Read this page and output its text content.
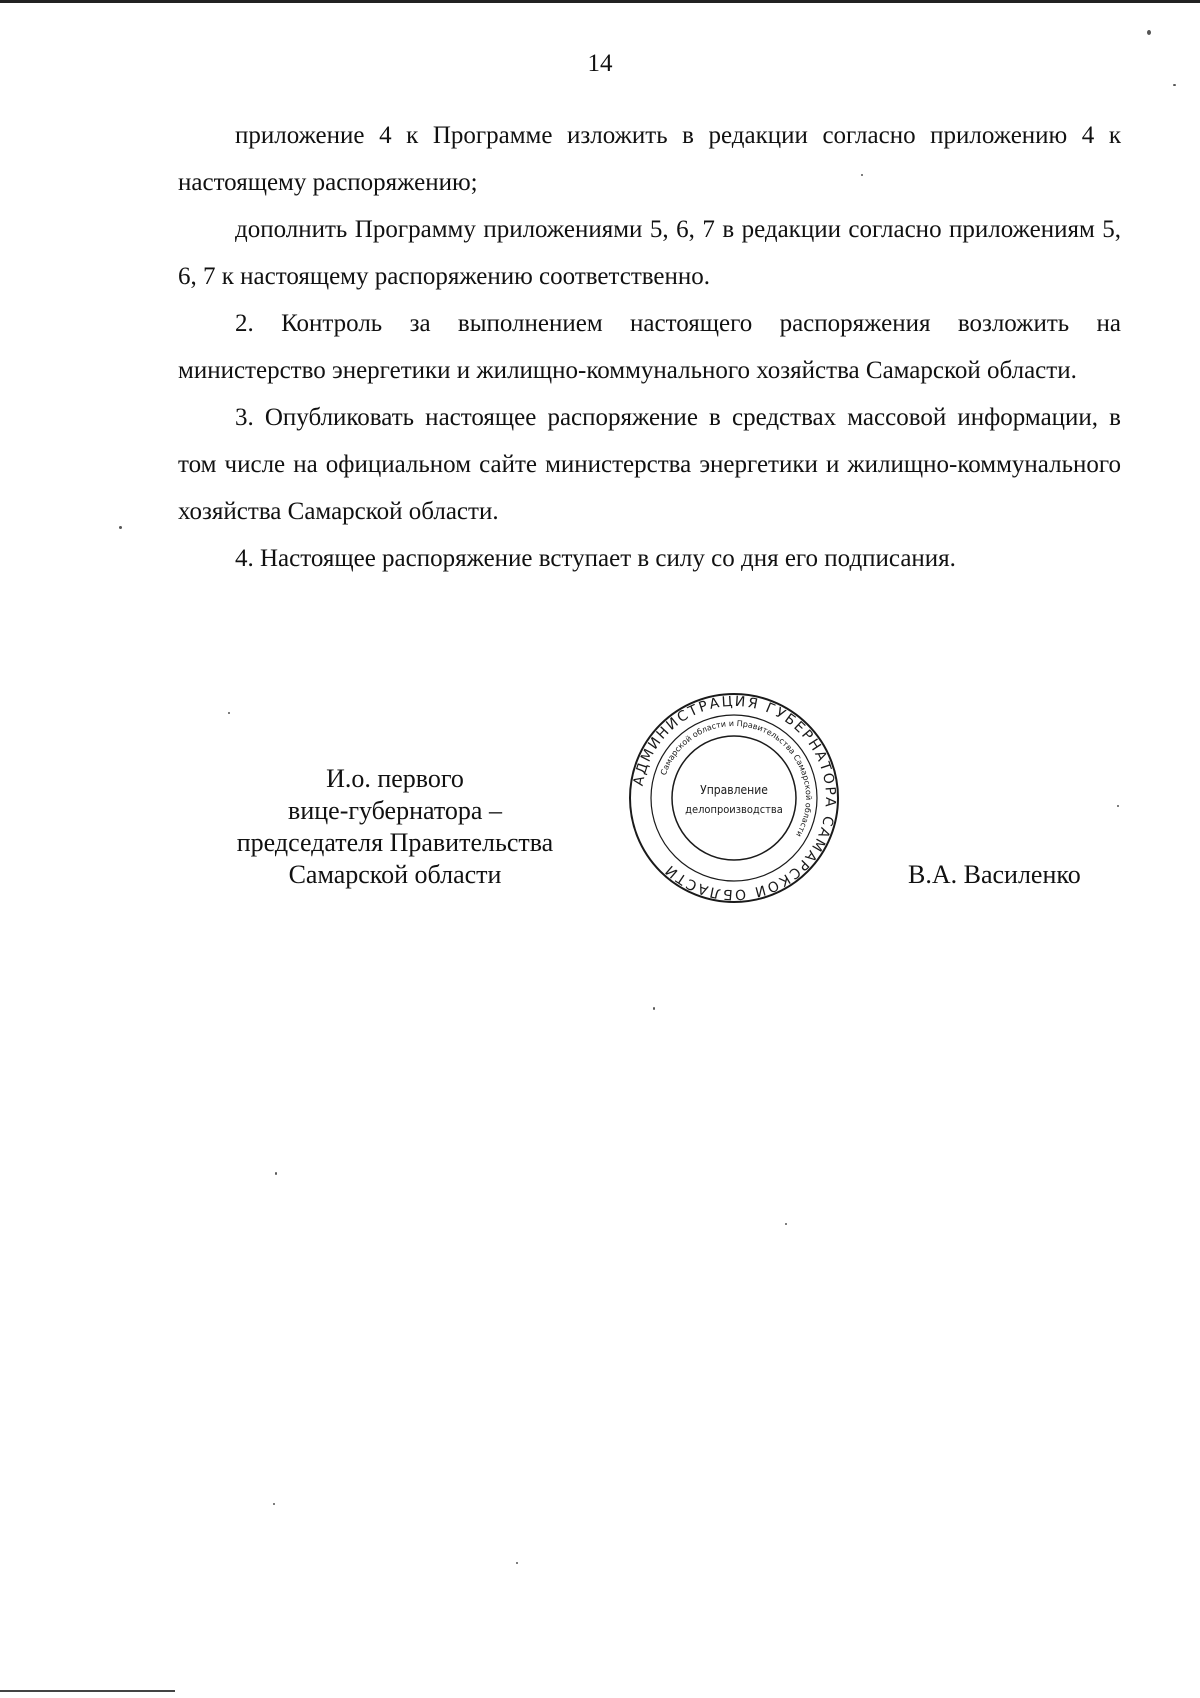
14

приложение 4 к Программе изложить в редакции согласно приложению 4 к настоящему распоряжению;

дополнить Программу приложениями 5, 6, 7 в редакции согласно приложениям 5, 6, 7 к настоящему распоряжению соответственно.

2. Контроль за выполнением настоящего распоряжения возложить на министерство энергетики и жилищно-коммунального хозяйства Самарской области.

3. Опубликовать настоящее распоряжение в средствах массовой информации, в том числе на официальном сайте министерства энергетики и жилищно-коммунального хозяйства Самарской области.

4. Настоящее распоряжение вступает в силу со дня его подписания.

И.о. первого
вице-губернатора –
председателя Правительства
Самарской области
АДМИНИСТРАЦИЯ ГУБЕРНАТОРА САМАРСКОЙ ОБЛАСТИ
Самарской области и Правительства Самарской области
Управление
делопроизводства
В.А. Василенко
